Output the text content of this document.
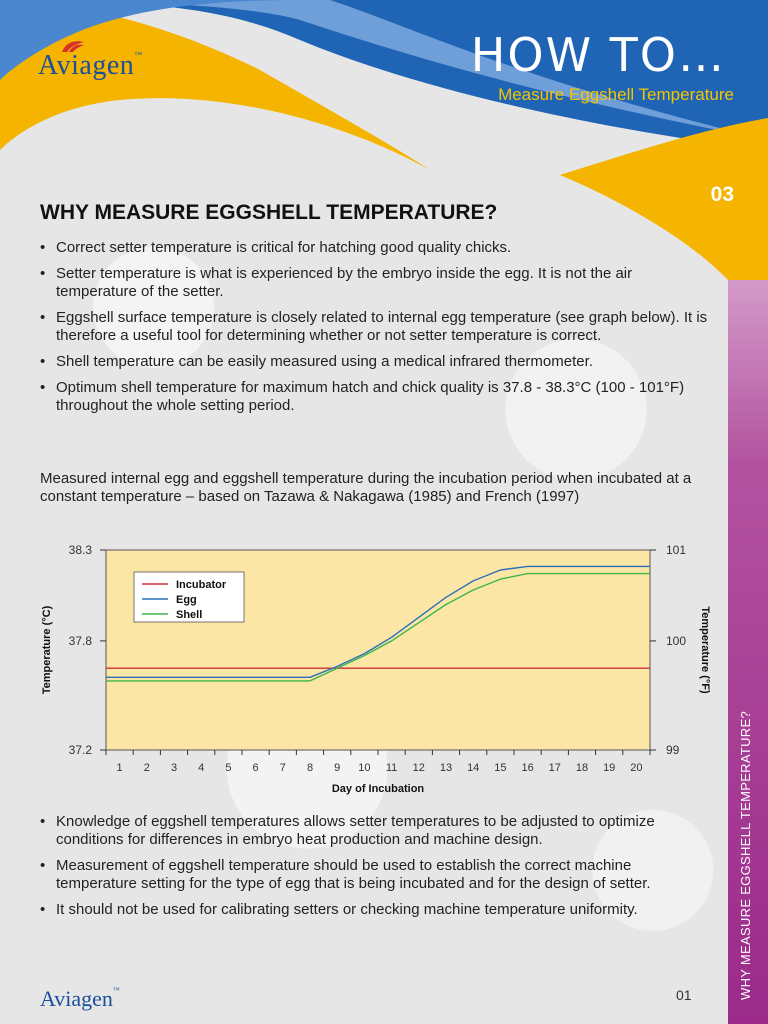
Aviagen™	HOW TO…
Measure Eggshell Temperature
03
WHY MEASURE EGGSHELL TEMPERATURE?
WHY MEASURE EGGSHELL TEMPERATURE?
• Correct setter temperature is critical for hatching good quality chicks.
• Setter temperature is what is experienced by the embryo inside the egg. It is not the air temperature of the setter.
• Eggshell surface temperature is closely related to internal egg temperature (see graph below). It is therefore a useful tool for determining whether or not setter temperature is correct.
• Shell temperature can be easily measured using a medical infrared thermometer.
• Optimum shell temperature for maximum hatch and chick quality is 37.8 - 38.3°C (100 - 101°F) throughout the whole setting period.

Measured internal egg and eggshell temperature during the incubation period when incubated at a constant temperature – based on Tazawa & Nakagawa (1985) and French (1997)

38.3
37.8
37.2
101
100
99
1 2 3 4 5 6 7 8 9 10 11 12 13 14 15 16 17 18 19 20
Day of Incubation
Temperature (°C)	Temperature (°F)
Incubator
Egg
Shell
• Knowledge of eggshell temperatures allows setter temperatures to be adjusted to optimize conditions for differences in embryo heat production and machine design.
• Measurement of eggshell temperature should be used to establish the correct machine temperature setting for the type of egg that is being incubated and for the design of setter.
• It should not be used for calibrating setters or checking machine temperature uniformity.
Aviagen™	01
